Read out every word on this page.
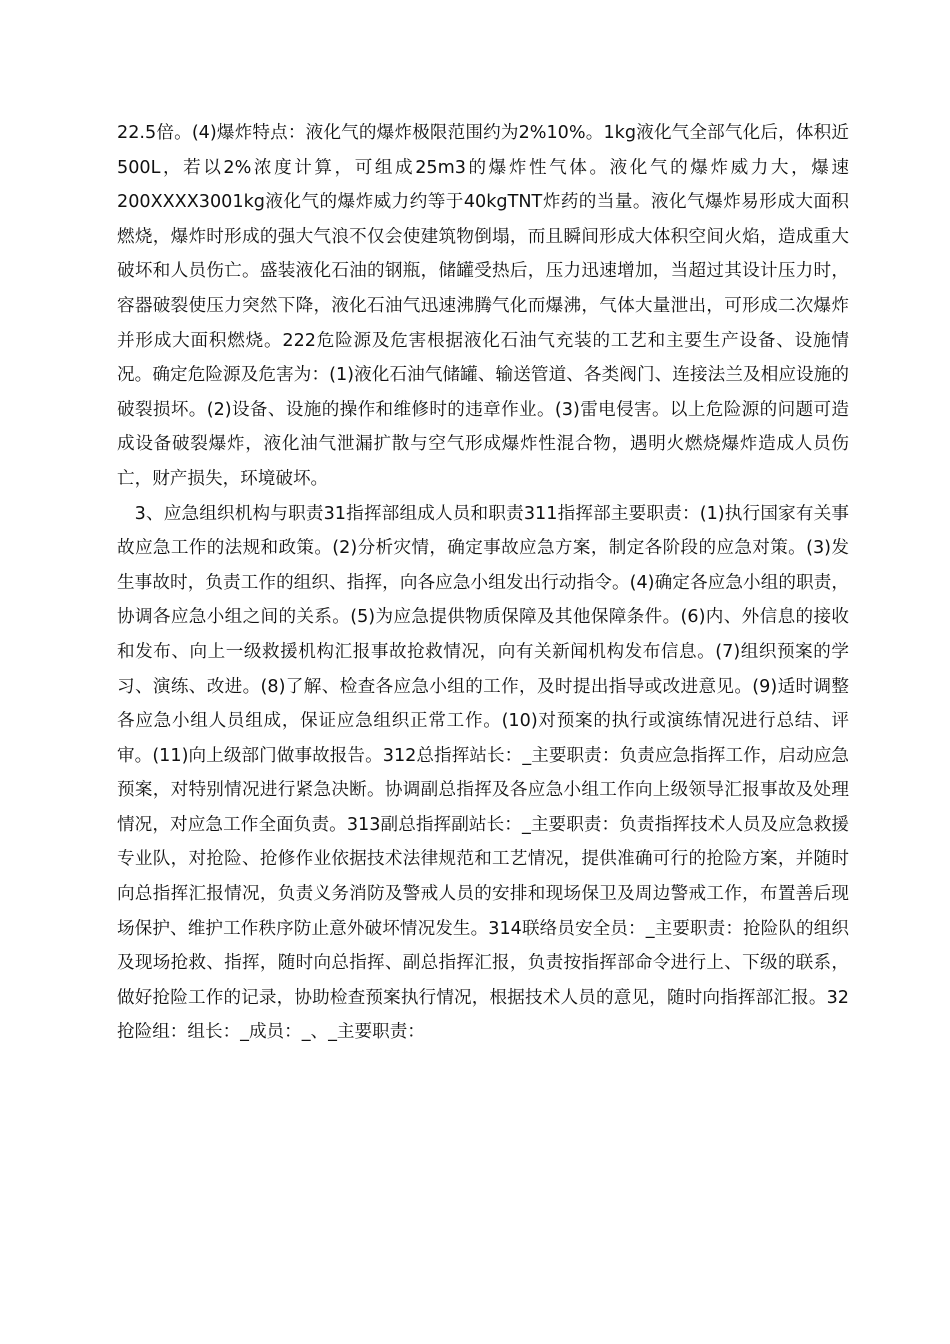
22.5倍。(4)爆炸特点：液化气的爆炸极限范围约为2%10%。1kg液化气全部气化后，体积近500L，若以2%浓度计算，可组成25m3的爆炸性气体。液化气的爆炸威力大，爆速200XXXX3001kg液化气的爆炸威力约等于40kgTNT炸药的当量。液化气爆炸易形成大面积燃烧，爆炸时形成的强大气浪不仅会使建筑物倒塌，而且瞬间形成大体积空间火焰，造成重大破坏和人员伤亡。盛装液化石油的钢瓶，储罐受热后，压力迅速增加，当超过其设计压力时，容器破裂使压力突然下降，液化石油气迅速沸腾气化而爆沸，气体大量泄出，可形成二次爆炸并形成大面积燃烧。222危险源及危害根据液化石油气充装的工艺和主要生产设备、设施情况。确定危险源及危害为：(1)液化石油气储罐、输送管道、各类阀门、连接法兰及相应设施的破裂损坏。(2)设备、设施的操作和维修时的违章作业。(3)雷电侵害。以上危险源的问题可造成设备破裂爆炸，液化油气泄漏扩散与空气形成爆炸性混合物，遇明火燃烧爆炸造成人员伤亡，财产损失，环境破坏。

3、应急组织机构与职责31指挥部组成人员和职责311指挥部主要职责：(1)执行国家有关事故应急工作的法规和政策。(2)分析灾情，确定事故应急方案，制定各阶段的应急对策。(3)发生事故时，负责工作的组织、指挥，向各应急小组发出行动指令。(4)确定各应急小组的职责，协调各应急小组之间的关系。(5)为应急提供物质保障及其他保障条件。(6)内、外信息的接收和发布、向上一级救援机构汇报事故抢救情况，向有关新闻机构发布信息。(7)组织预案的学习、演练、改进。(8)了解、检查各应急小组的工作，及时提出指导或改进意见。(9)适时调整各应急小组人员组成，保证应急组织正常工作。(10)对预案的执行或演练情况进行总结、评审。(11)向上级部门做事故报告。312总指挥站长：_主要职责：负责应急指挥工作，启动应急预案，对特别情况进行紧急决断。协调副总指挥及各应急小组工作向上级领导汇报事故及处理情况，对应急工作全面负责。313副总指挥副站长：_主要职责：负责指挥技术人员及应急救援专业队，对抢险、抢修作业依据技术法律规范和工艺情况，提供准确可行的抢险方案，并随时向总指挥汇报情况，负责义务消防及警戒人员的安排和现场保卫及周边警戒工作，布置善后现场保护、维护工作秩序防止意外破坏情况发生。314联络员安全员：_主要职责：抢险队的组织及现场抢救、指挥，随时向总指挥、副总指挥汇报，负责按指挥部命令进行上、下级的联系，做好抢险工作的记录，协助检查预案执行情况，根据技术人员的意见，随时向指挥部汇报。32抢险组：组长：_成员：_、_主要职责：
